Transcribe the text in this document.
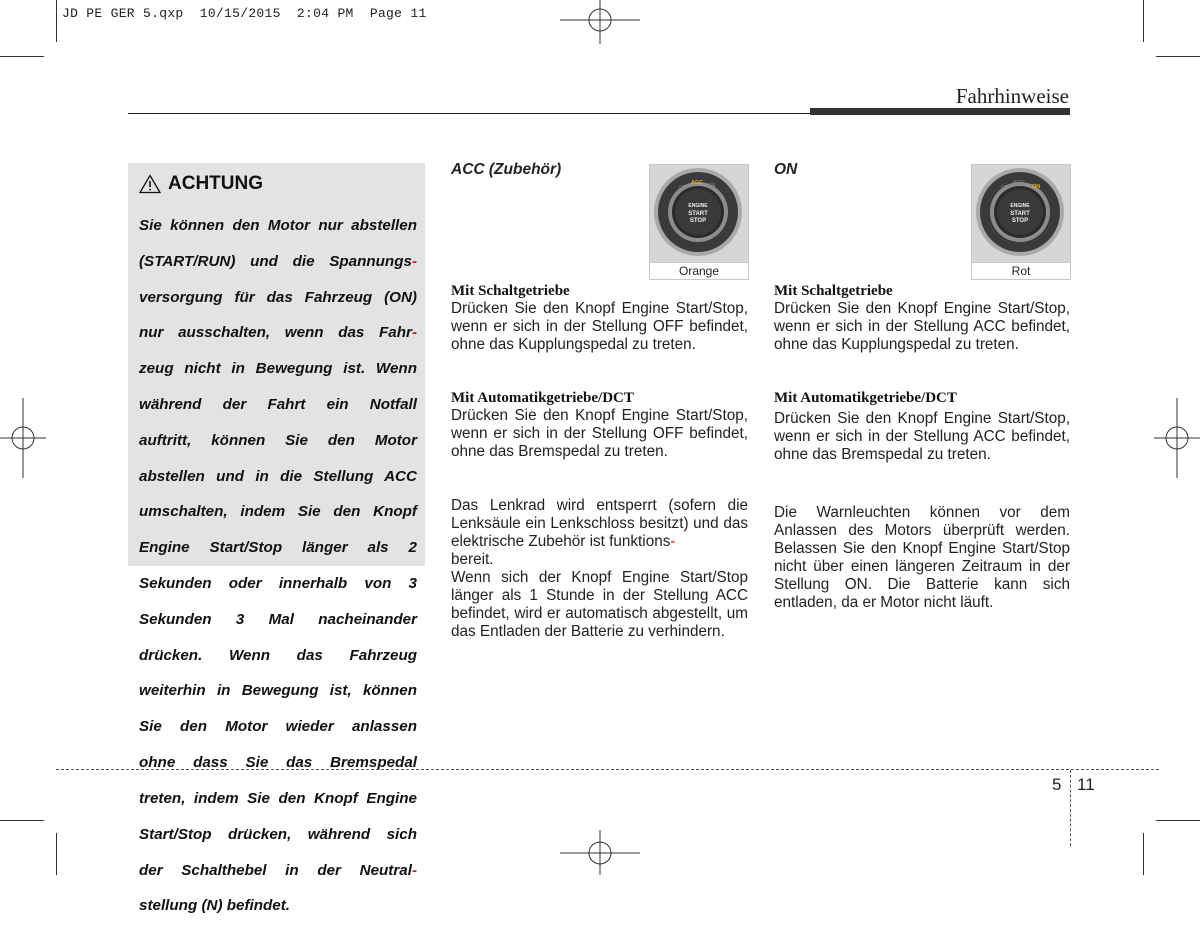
JD PE GER 5.qxp  10/15/2015  2:04 PM  Page 11
Fahrhinweise
ACHTUNG

Sie können den Motor nur abstellen

(START/RUN) und die Spannungs-

versorgung für das Fahrzeug (ON)

nur ausschalten, wenn das Fahr-

zeug nicht in Bewegung ist. Wenn

während der Fahrt ein Notfall

auftritt, können Sie den Motor

abstellen und in die Stellung ACC

umschalten, indem Sie den Knopf

Engine Start/Stop länger als 2

Sekunden oder innerhalb von 3

Sekunden 3 Mal nacheinander

drücken. Wenn das Fahrzeug

weiterhin in Bewegung ist, können

Sie den Motor wieder anlassen

ohne dass Sie das Bremspedal

treten, indem Sie den Knopf Engine

Start/Stop drücken, während sich

der Schalthebel in der Neutral-

stellung (N) befindet.

ACC (Zubehör)
OFF
ACC ON
ENGINE
START
STOP
Orange
Mit Schaltgetriebe
Drücken Sie den Knopf Engine Start/Stop, wenn er sich in der Stellung OFF befindet, ohne das Kupplungspedal zu treten.
Mit Automatikgetriebe/DCT
Drücken Sie den Knopf Engine Start/Stop, wenn er sich in der Stellung OFF befindet, ohne das Bremspedal zu treten.
Das Lenkrad wird entsperrt (sofern die Lenksäule ein Lenkschloss besitzt) und das elektrische Zubehör ist funktions-
bereit.
Wenn sich der Knopf Engine Start/Stop länger als 1 Stunde in der Stellung ACC befindet, wird er automatisch abgestellt, um das Entladen der Batterie zu verhindern.
ON
OFF
ACC
ON
ENGINE
START
STOP
Rot
Mit Schaltgetriebe
Drücken Sie den Knopf Engine Start/Stop, wenn er sich in der Stellung ACC befindet, ohne das Kupplungspedal zu treten.
Mit Automatikgetriebe/DCT
Drücken Sie den Knopf Engine Start/Stop, wenn er sich in der Stellung ACC befindet, ohne das Bremspedal zu treten.
Die Warnleuchten können vor dem Anlassen des Motors überprüft werden. Belassen Sie den Knopf Engine Start/Stop nicht über einen längeren Zeitraum in der Stellung ON. Die Batterie kann sich entladen, da er Motor nicht läuft.
5 11
